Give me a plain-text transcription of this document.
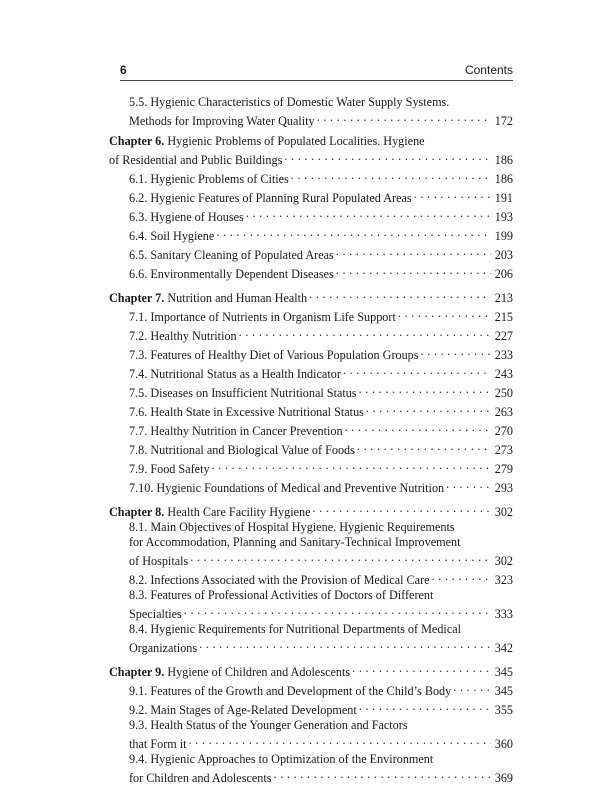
6	Contents
5.5. Hygienic Characteristics of Domestic Water Supply Systems.
Methods for Improving Water Quality . . .	172
Chapter 6. Hygienic Problems of Populated Localities. Hygiene
of Residential and Public Buildings . . .	186
6.1. Hygienic Problems of Cities . . .	186
6.2. Hygienic Features of Planning Rural Populated Areas . . .	191
6.3. Hygiene of Houses . . .	193
6.4. Soil Hygiene . . .	199
6.5. Sanitary Cleaning of Populated Areas . . .	203
6.6. Environmentally Dependent Diseases . . .	206
Chapter 7. Nutrition and Human Health . . .	213
7.1. Importance of Nutrients in Organism Life Support . . .	215
7.2. Healthy Nutrition . . .	227
7.3. Features of Healthy Diet of Various Population Groups . . .	233
7.4. Nutritional Status as a Health Indicator . . .	243
7.5. Diseases on Insufficient Nutritional Status . . .	250
7.6. Health State in Excessive Nutritional Status . . .	263
7.7. Healthy Nutrition in Cancer Prevention . . .	270
7.8. Nutritional and Biological Value of Foods . . .	273
7.9. Food Safety . . .	279
7.10. Hygienic Foundations of Medical and Preventive Nutrition . . .	293
Chapter 8. Health Care Facility Hygiene . . .	302
8.1. Main Objectives of Hospital Hygiene. Hygienic Requirements
for Accommodation, Planning and Sanitary-Technical Improvement
of Hospitals . . .	302
8.2. Infections Associated with the Provision of Medical Care . . .	323
8.3. Features of Professional Activities of Doctors of Different
Specialties . . .	333
8.4. Hygienic Requirements for Nutritional Departments of Medical
Organizations . . .	342
Chapter 9. Hygiene of Children and Adolescents . . .	345
9.1. Features of the Growth and Development of the Child’s Body . . .	345
9.2. Main Stages of Age-Related Development . . .	355
9.3. Health Status of the Younger Generation and Factors
that Form it . . .	360
9.4. Hygienic Approaches to Optimization of the Environment
for Children and Adolescents . . .	369
